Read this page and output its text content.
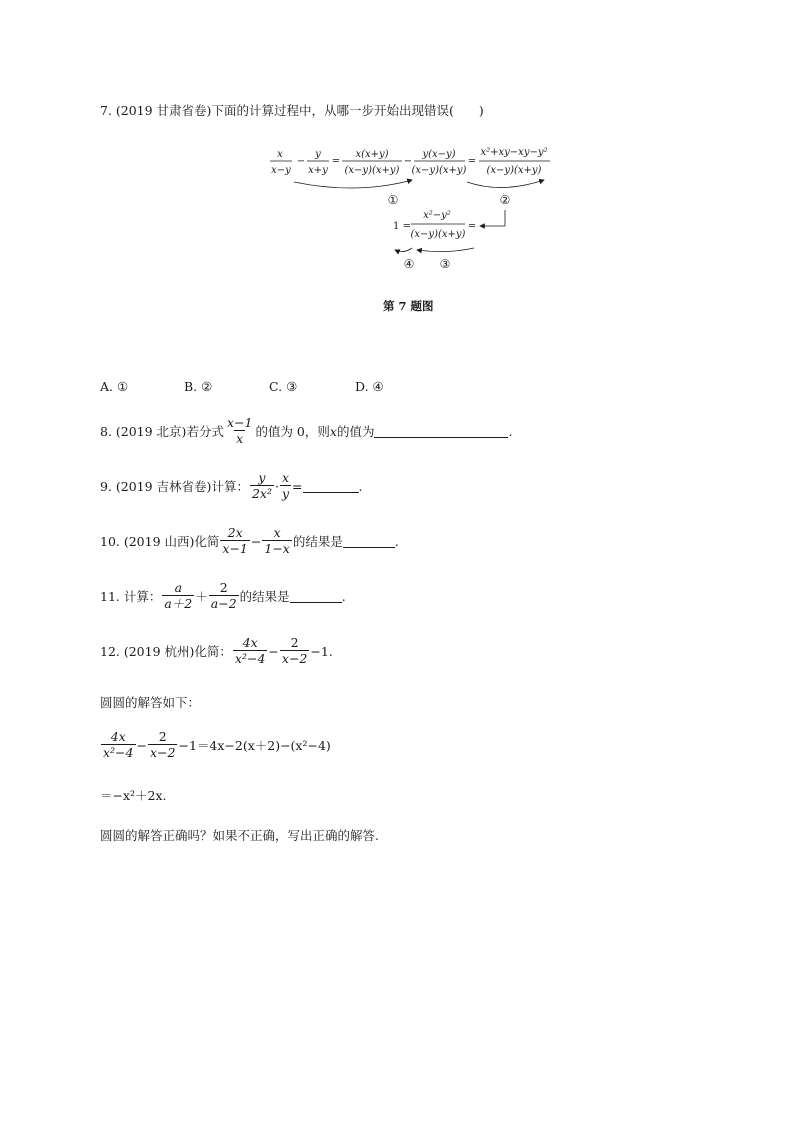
7. (2019 甘肃省卷)下面的计算过程中，从哪一步开始出现错误(　　)
x
x−y
−
y
x+y
=
x(x+y)
(x−y)(x+y)
−
y(x−y)
(x−y)(x+y)
=
x²+xy−xy−y²
(x−y)(x+y)
①	②
1 =
x²−y²
(x−y)(x+y)
=
④ ③
第 7 题图
A. ①	B. ②	C. ③	D. ④
8. (2019 北京)若分式 $\frac{x-1}{x}$ 的值为 0，则 x 的值为	.
9. (2019 吉林省卷)计算： $\frac{y}{\text{2x²}} \cdot \frac{x}{y}$ =	.
10. (2019 山西)化简 $\frac{2x}{x-1} - \frac{x}{1-x}$ 的结果是	.
11. 计算： $\frac{a}{a+2} + \frac{2}{a-2}$ 的结果是	.
12. (2019 杭州)化简： $\frac{4x}{\text{x²−4}} - \frac{2}{x-2} -1$.
圆圆的解答如下：
$\frac{4x}{\text{x²−4}} - \frac{2}{x-2} -1=4x-2(x+2)-(x^2-4)$
＝−x²＋2x.
圆圆的解答正确吗？如果不正确，写出正确的解答.
